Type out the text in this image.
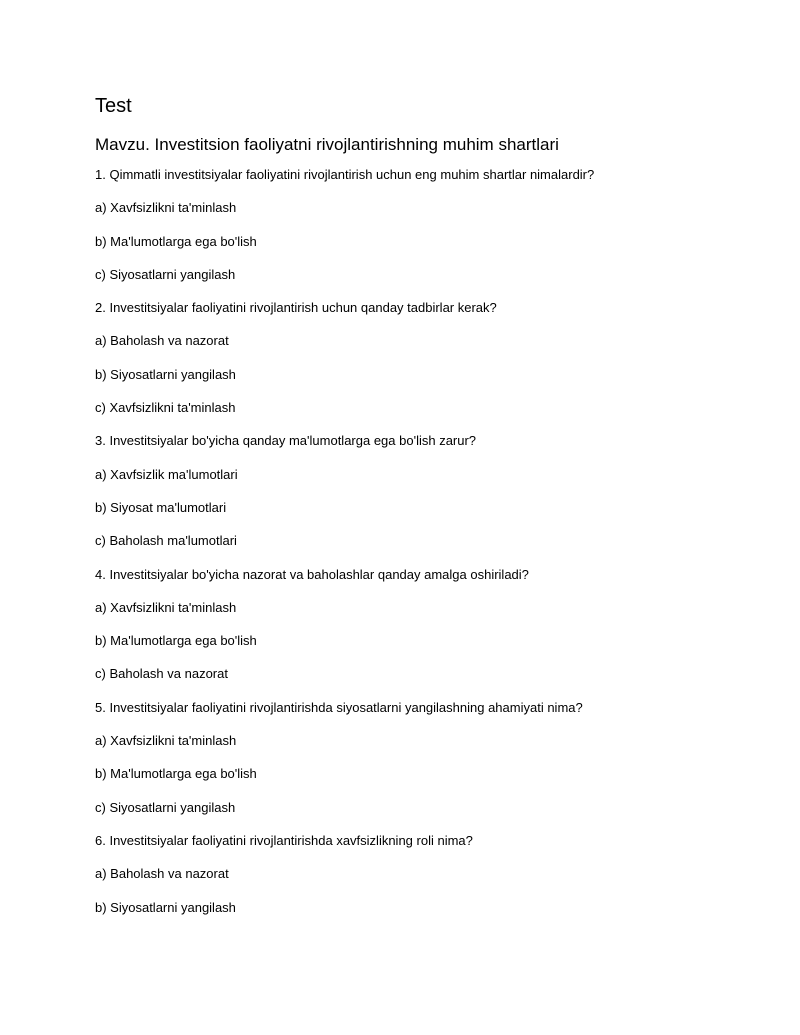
Test
Mavzu. Investitsion faoliyatni rivojlantirishning muhim shartlari

1. Qimmatli investitsiyalar faoliyatini rivojlantirish uchun eng muhim shartlar nimalardir?

a) Xavfsizlikni ta'minlash

b) Ma'lumotlarga ega bo'lish

c) Siyosatlarni yangilash

2. Investitsiyalar faoliyatini rivojlantirish uchun qanday tadbirlar kerak?

a) Baholash va nazorat

b) Siyosatlarni yangilash

c) Xavfsizlikni ta'minlash

3. Investitsiyalar bo'yicha qanday ma'lumotlarga ega bo'lish zarur?

a) Xavfsizlik ma'lumotlari

b) Siyosat ma'lumotlari

c) Baholash ma'lumotlari

4. Investitsiyalar bo'yicha nazorat va baholashlar qanday amalga oshiriladi?

a) Xavfsizlikni ta'minlash

b) Ma'lumotlarga ega bo'lish

c) Baholash va nazorat

5. Investitsiyalar faoliyatini rivojlantirishda siyosatlarni yangilashning ahamiyati nima?

a) Xavfsizlikni ta'minlash

b) Ma'lumotlarga ega bo'lish

c) Siyosatlarni yangilash

6. Investitsiyalar faoliyatini rivojlantirishda xavfsizlikning roli nima?

a) Baholash va nazorat

b) Siyosatlarni yangilash
